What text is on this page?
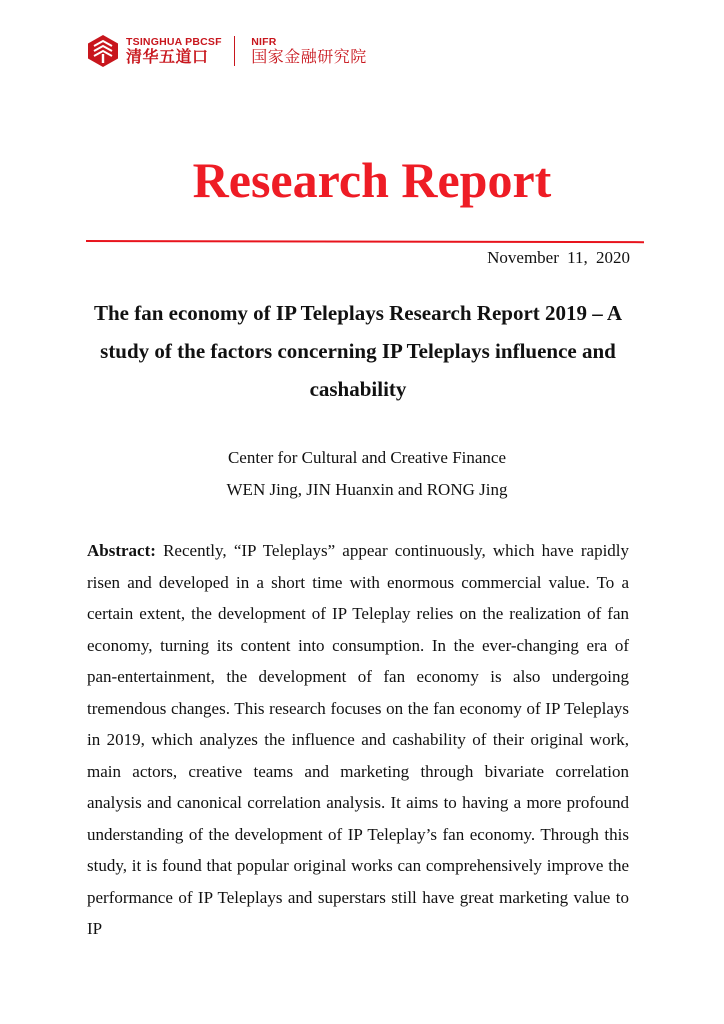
TSINGHUA PBCSF
清华五道口
NIFR
国家金融研究院
Research Report
November 11, 2020
The fan economy of IP Teleplays Research Report 2019 – A study of the factors concerning IP Teleplays influence and cashability
Center for Cultural and Creative Finance
WEN Jing, JIN Huanxin and RONG Jing

Abstract: Recently, “IP Teleplays” appear continuously, which have rapidly risen and developed in a short time with enormous commercial value. To a certain extent, the development of IP Teleplay relies on the realization of fan economy, turning its content into consumption. In the ever-changing era of pan-entertainment, the development of fan economy is also undergoing tremendous changes. This research focuses on the fan economy of IP Teleplays in 2019, which analyzes the influence and cashability of their original work, main actors, creative teams and marketing through bivariate correlation analysis and canonical correlation analysis. It aims to having a more profound understanding of the development of IP Teleplay’s fan economy. Through this study, it is found that popular original works can comprehensively improve the performance of IP Teleplays and superstars still have great marketing value to IP
